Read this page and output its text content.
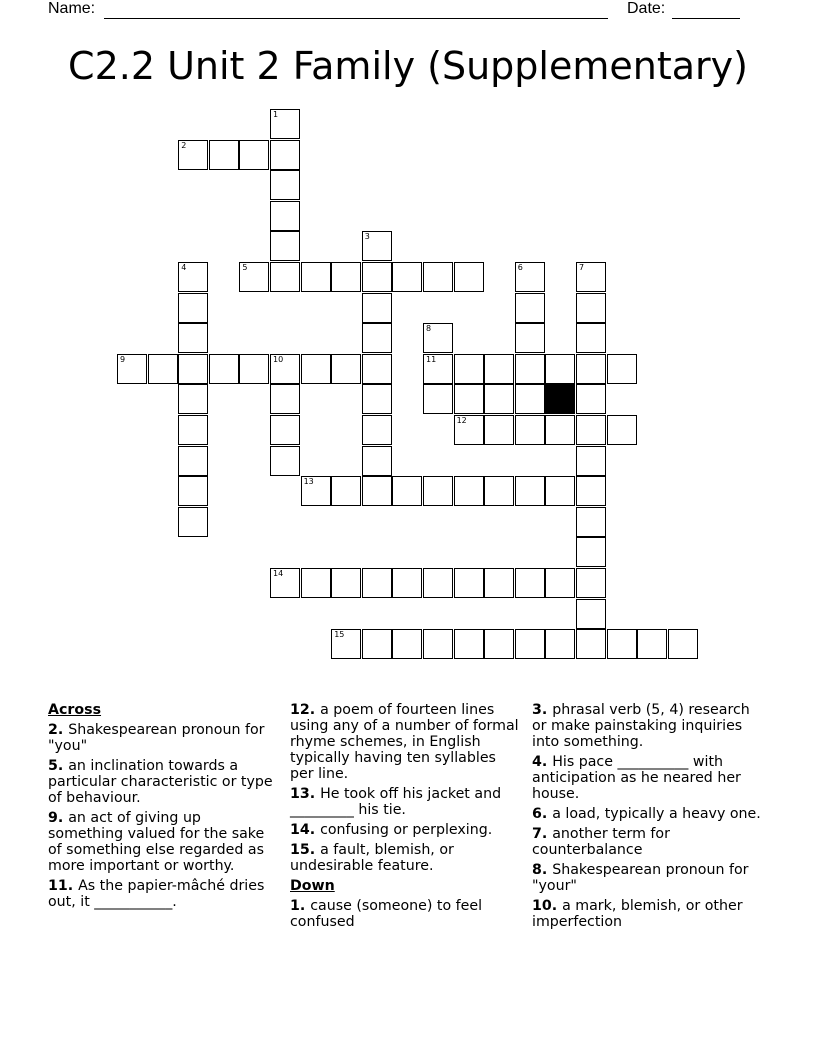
Name:	Date:
C2.2 Unit 2 Family (Supplementary)
1
2
3
4	5	6	7
8
9	10	11
12
13
14
15
Across
2. Shakespearean pronoun for "you"
5. an inclination towards a particular characteristic or type of behaviour.
9. an act of giving up something valued for the sake of something else regarded as more important or worthy.
11. As the papier-mâché dries out, it ___________.
12. a poem of fourteen lines using any of a number of formal rhyme schemes, in English typically having ten syllables per line.
13. He took off his jacket and _________ his tie.
14. confusing or perplexing.
15. a fault, blemish, or undesirable feature.
Down
1. cause (someone) to feel confused
3. phrasal verb (5, 4) research or make painstaking inquiries into something.
4. His pace __________ with anticipation as he neared her house.
6. a load, typically a heavy one.
7. another term for counterbalance
8. Shakespearean pronoun for "your"
10. a mark, blemish, or other imperfection
